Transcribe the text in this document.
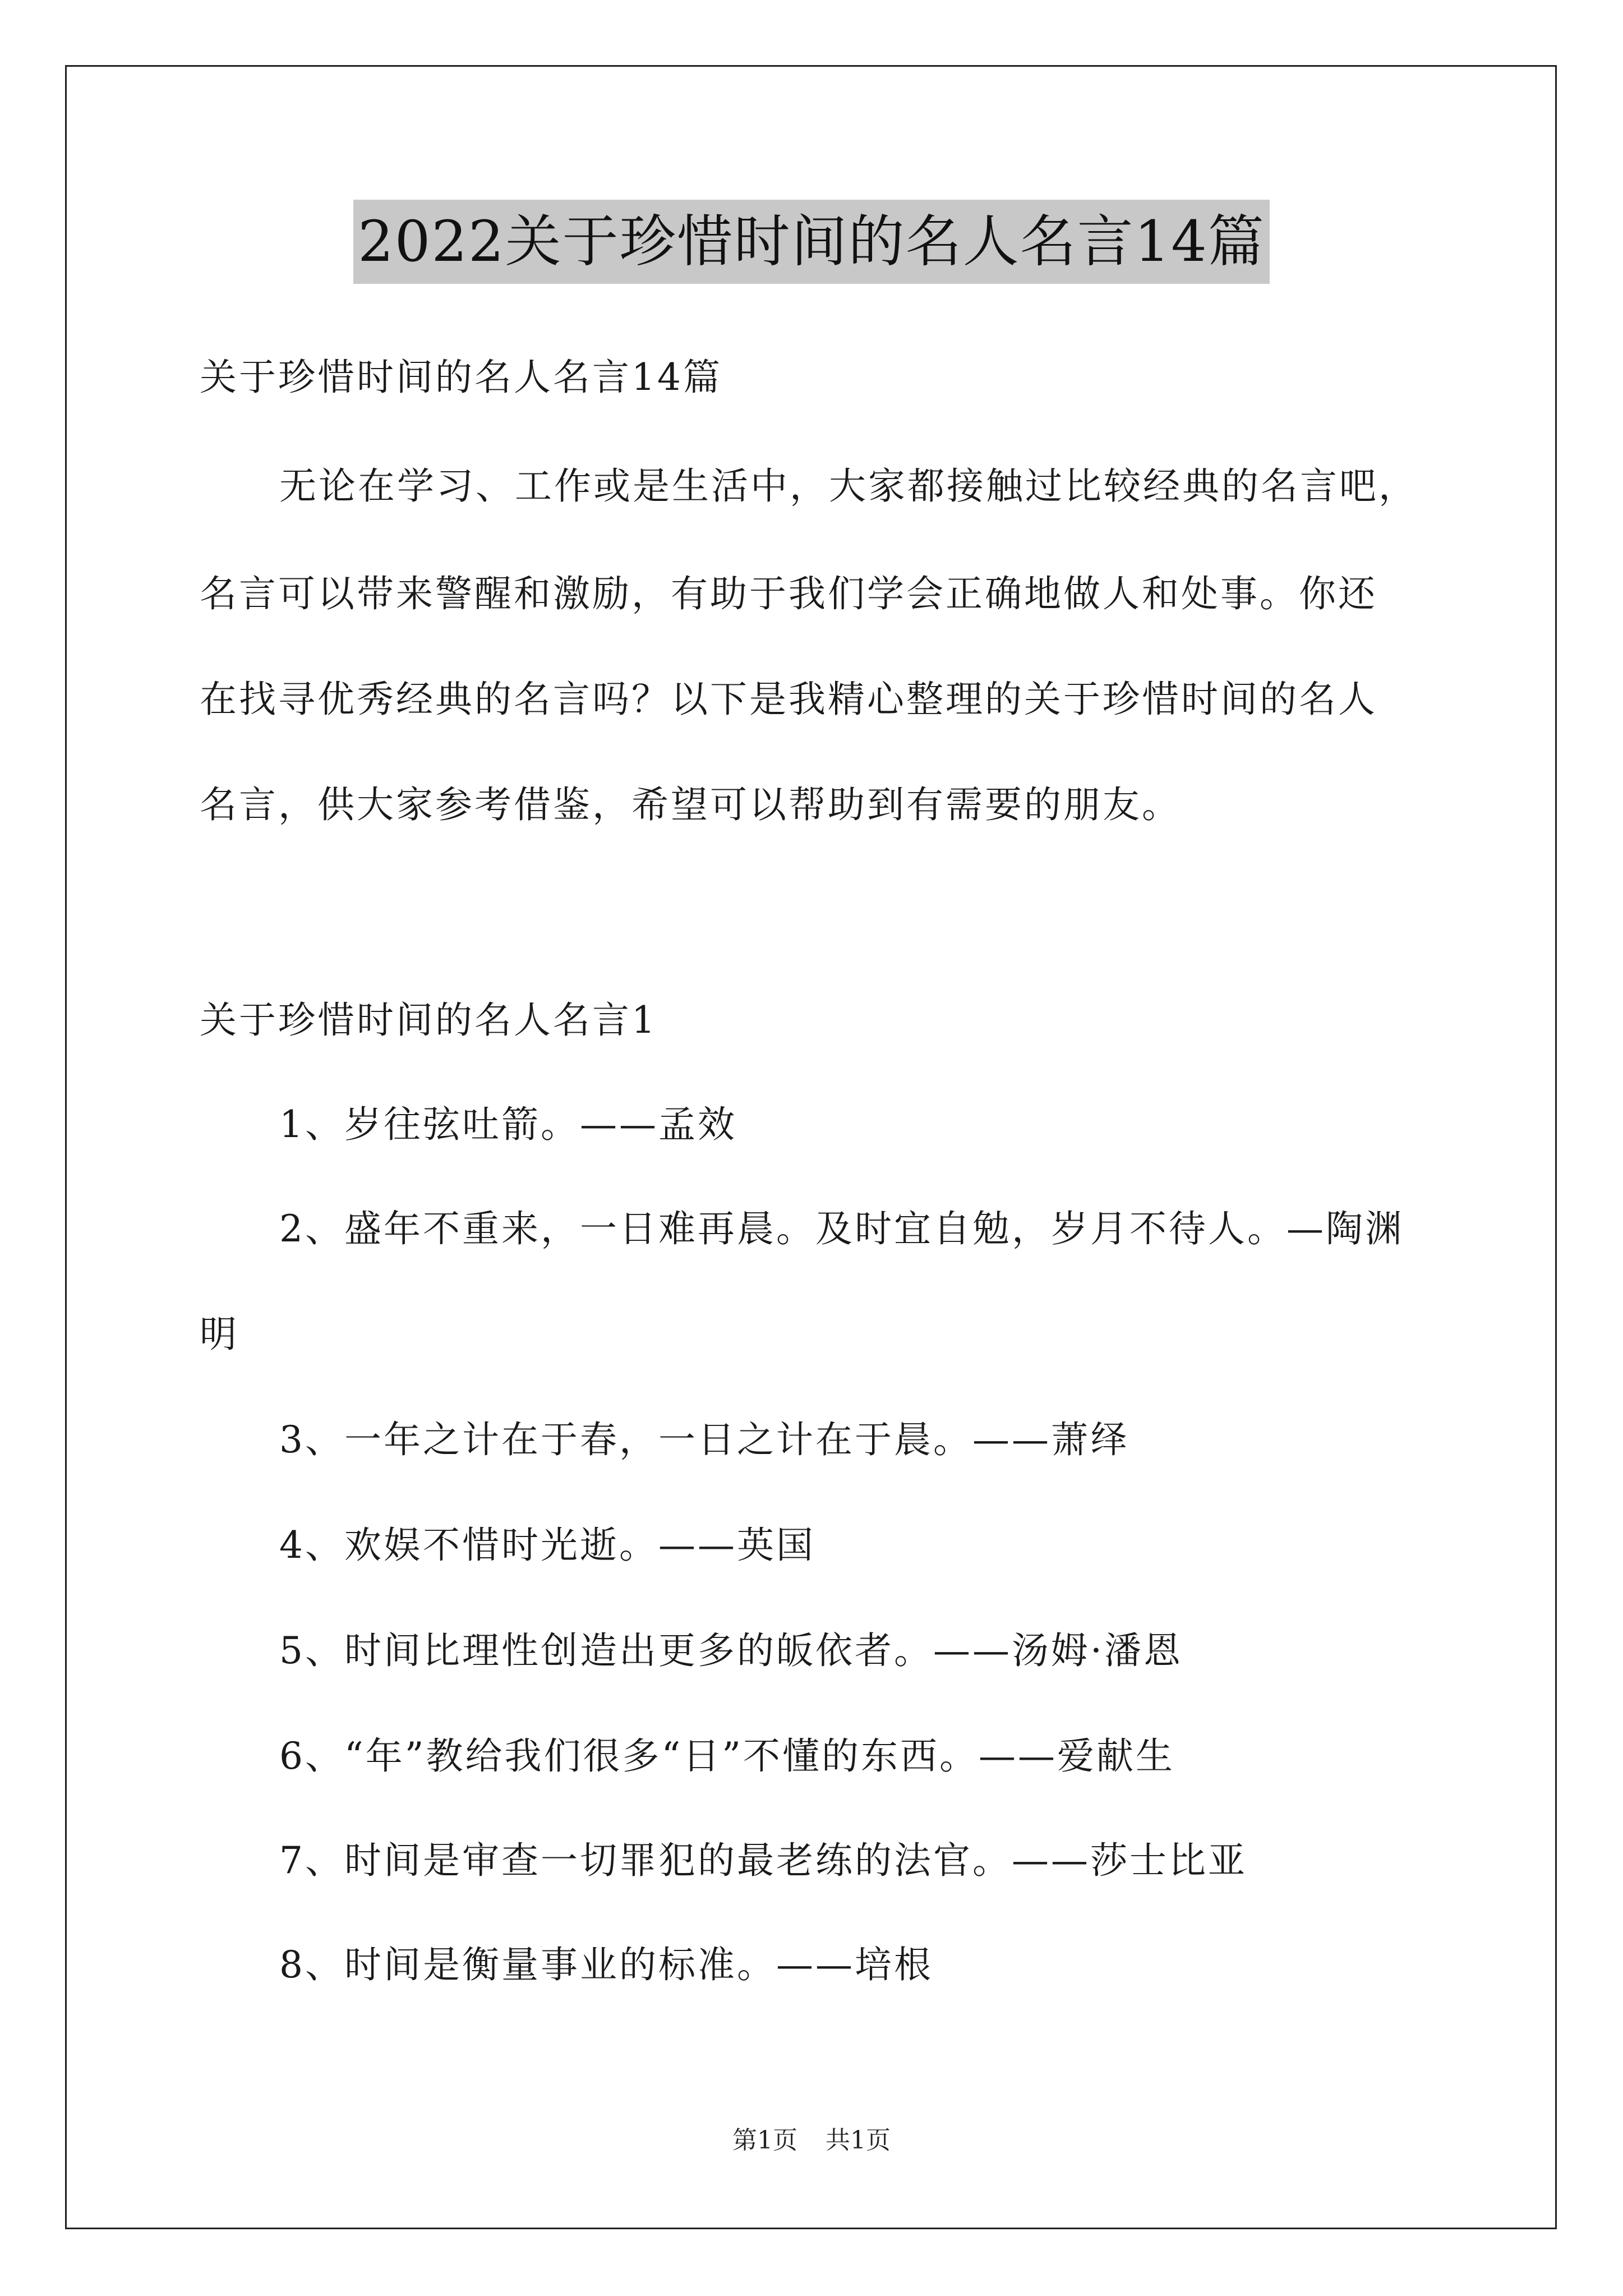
2022关于珍惜时间的名人名言14篇
关于珍惜时间的名人名言14篇
无论在学习、工作或是生活中，大家都接触过比较经典的名言吧，
名言可以带来警醒和激励，有助于我们学会正确地做人和处事。你还
在找寻优秀经典的名言吗？以下是我精心整理的关于珍惜时间的名人
名言，供大家参考借鉴，希望可以帮助到有需要的朋友。
关于珍惜时间的名人名言1
1、岁往弦吐箭。——孟效
2、盛年不重来，一日难再晨。及时宜自勉，岁月不待人。—陶渊
明
3、一年之计在于春，一日之计在于晨。——萧绎
4、欢娱不惜时光逝。——英国
5、时间比理性创造出更多的皈依者。——汤姆·潘恩
6、“年”教给我们很多“日”不懂的东西。——爱献生
7、时间是审查一切罪犯的最老练的法官。——莎士比亚
8、时间是衡量事业的标准。——培根
第1页 共1页
